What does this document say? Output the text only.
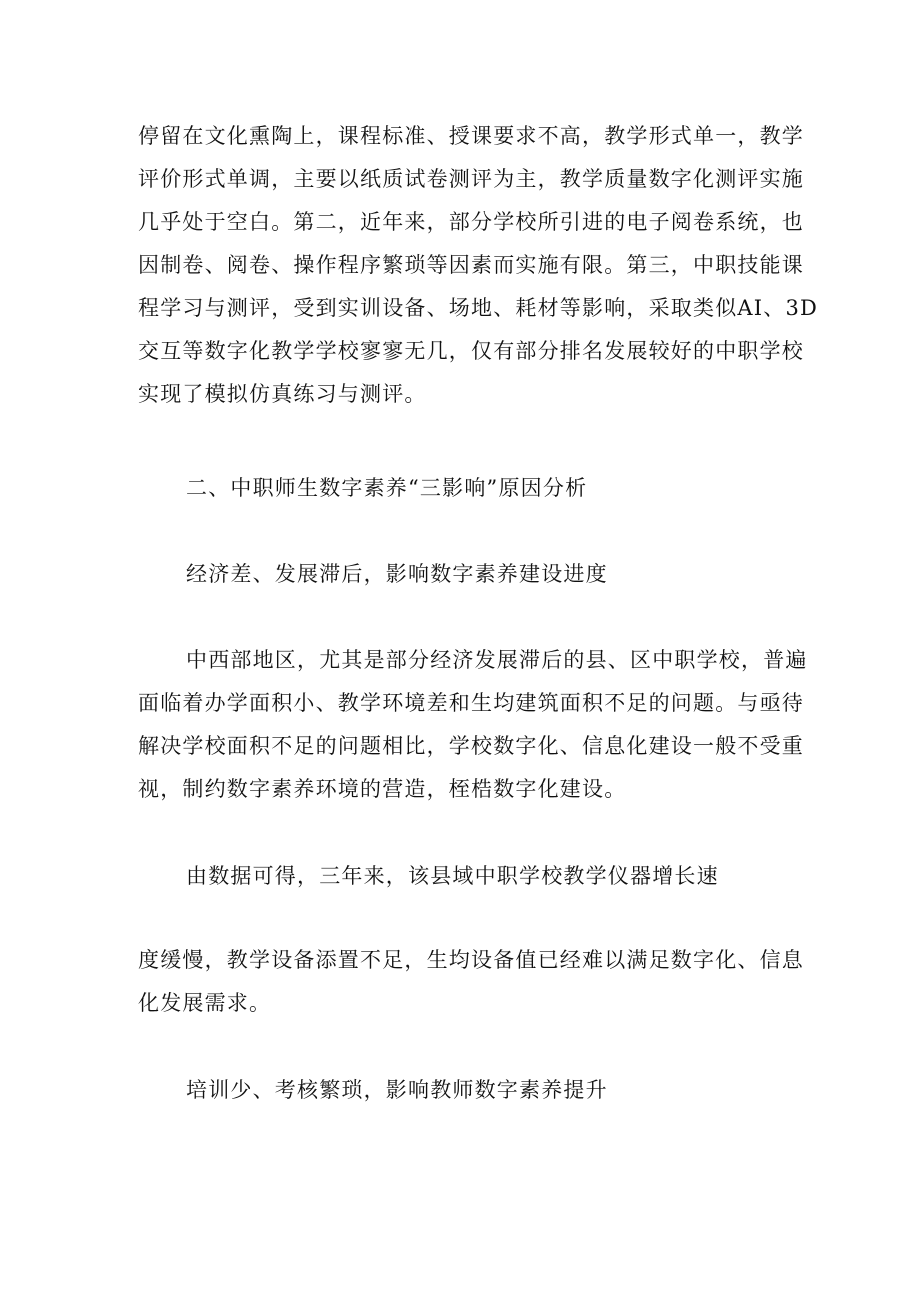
停留在文化熏陶上，课程标准、授课要求不高，教学形式单一，教学
评价形式单调，主要以纸质试卷测评为主，教学质量数字化测评实施
几乎处于空白。第二，近年来，部分学校所引进的电子阅卷系统，也
因制卷、阅卷、操作程序繁琐等因素而实施有限。第三，中职技能课
程学习与测评，受到实训设备、场地、耗材等影响，采取类似AI、3D
交互等数字化教学学校寥寥无几，仅有部分排名发展较好的中职学校
实现了模拟仿真练习与测评。
二、中职师生数字素养“三影响”原因分析
经济差、发展滞后，影响数字素养建设进度
中西部地区，尤其是部分经济发展滞后的县、区中职学校，普遍
面临着办学面积小、教学环境差和生均建筑面积不足的问题。与亟待
解决学校面积不足的问题相比，学校数字化、信息化建设一般不受重
视，制约数字素养环境的营造，桎梏数字化建设。
由数据可得，三年来，该县域中职学校教学仪器增长速
度缓慢，教学设备添置不足，生均设备值已经难以满足数字化、信息
化发展需求。
培训少、考核繁琐，影响教师数字素养提升
